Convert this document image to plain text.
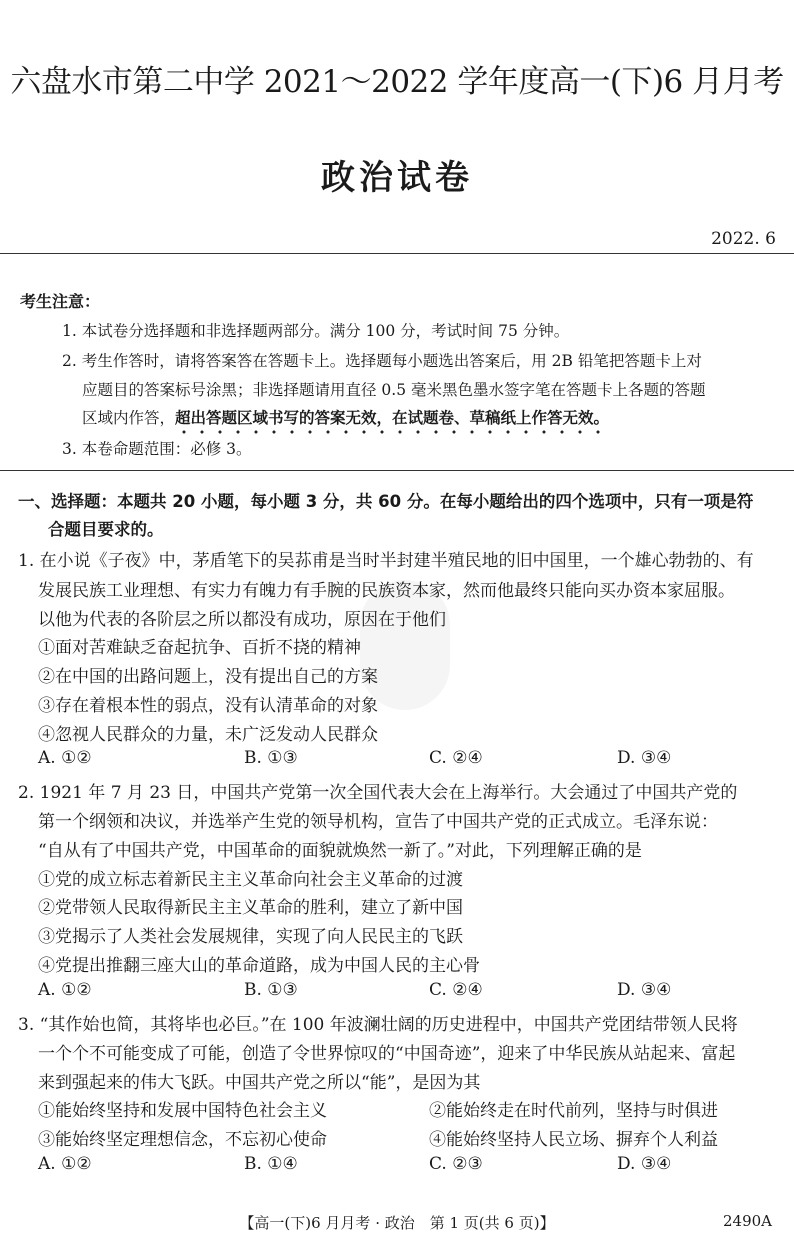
六盘水市第二中学 2021～2022 学年度高一(下)6 月月考
政治试卷
2022. 6
考生注意：
1. 本试卷分选择题和非选择题两部分。满分 100 分，考试时间 75 分钟。
2. 考生作答时，请将答案答在答题卡上。选择题每小题选出答案后，用 2B 铅笔把答题卡上对
应题目的答案标号涂黑；非选择题请用直径 0.5 毫米黑色墨水签字笔在答题卡上各题的答题
区域内作答，超出答题区域书写的答案无效，在试题卷、草稿纸上作答无效。
3. 本卷命题范围：必修 3。
一、选择题：本题共 20 小题，每小题 3 分，共 60 分。在每小题给出的四个选项中，只有一项是符
合题目要求的。
1. 在小说《子夜》中，茅盾笔下的吴荪甫是当时半封建半殖民地的旧中国里，一个雄心勃勃的、有
发展民族工业理想、有实力有魄力有手腕的民族资本家，然而他最终只能向买办资本家屈服。
以他为代表的各阶层之所以都没有成功，原因在于他们
①面对苦难缺乏奋起抗争、百折不挠的精神
②在中国的出路问题上，没有提出自己的方案
③存在着根本性的弱点，没有认清革命的对象
④忽视人民群众的力量，未广泛发动人民群众
A. ①②	B. ①③	C. ②④	D. ③④
2. 1921 年 7 月 23 日，中国共产党第一次全国代表大会在上海举行。大会通过了中国共产党的
第一个纲领和决议，并选举产生党的领导机构，宣告了中国共产党的正式成立。毛泽东说：
“自从有了中国共产党，中国革命的面貌就焕然一新了。”对此，下列理解正确的是
①党的成立标志着新民主主义革命向社会主义革命的过渡
②党带领人民取得新民主主义革命的胜利，建立了新中国
③党揭示了人类社会发展规律，实现了向人民民主的飞跃
④党提出推翻三座大山的革命道路，成为中国人民的主心骨
A. ①②	B. ①③	C. ②④	D. ③④
3. “其作始也简，其将毕也必巨。”在 100 年波澜壮阔的历史进程中，中国共产党团结带领人民将
一个个不可能变成了可能，创造了令世界惊叹的“中国奇迹”，迎来了中华民族从站起来、富起
来到强起来的伟大飞跃。中国共产党之所以“能”，是因为其
①能始终坚持和发展中国特色社会主义	②能始终走在时代前列，坚持与时俱进
③能始终坚定理想信念，不忘初心使命	④能始终坚持人民立场、摒弃个人利益
A. ①②	B. ①④	C. ②③	D. ③④
【高一(下)6 月月考 · 政治　第 1 页(共 6 页)】	2490A
